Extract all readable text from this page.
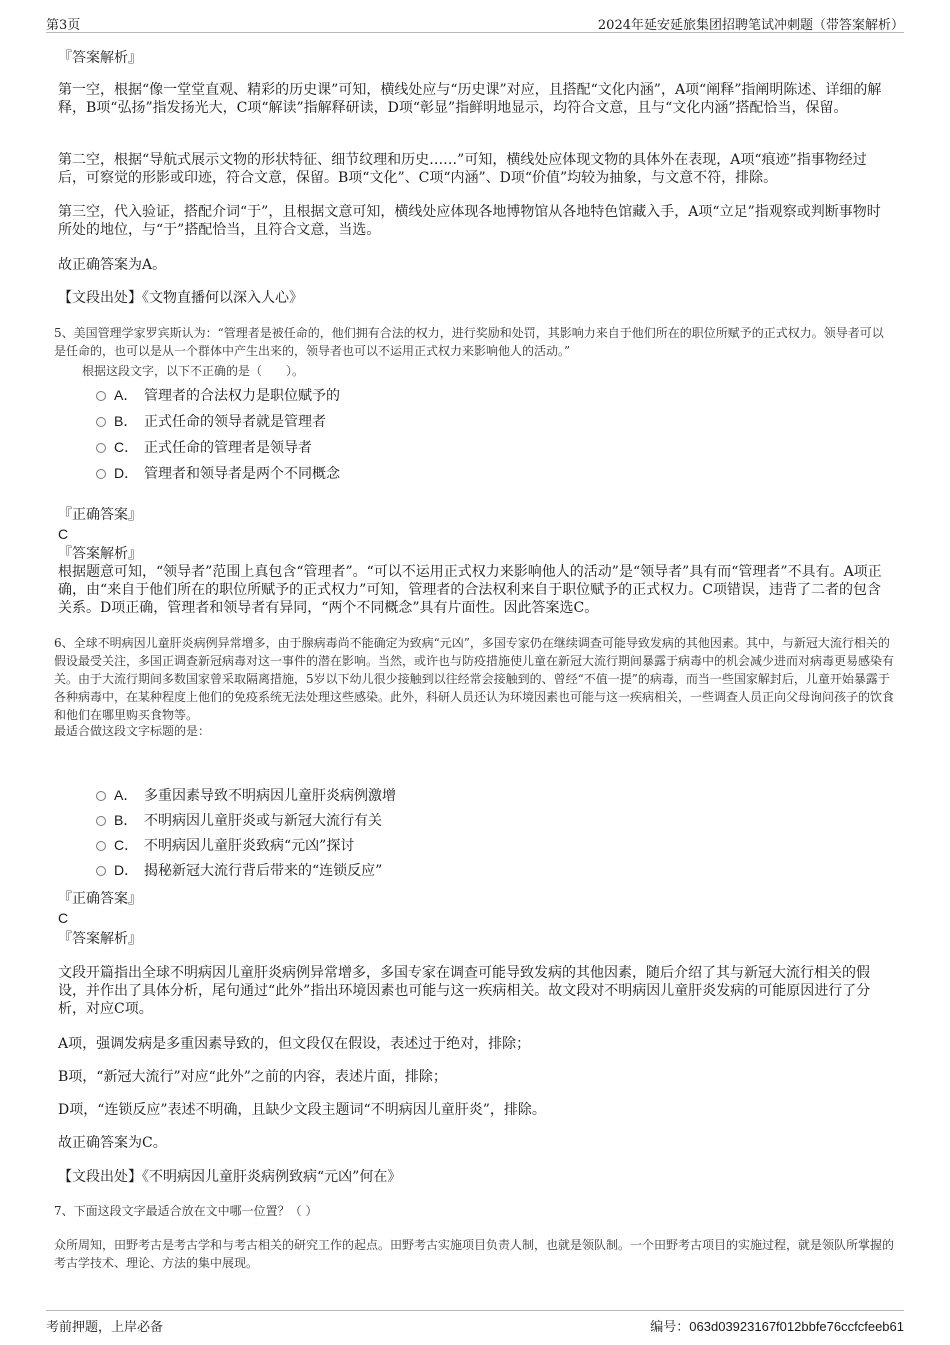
第3页	2024年延安延旅集团招聘笔试冲刺题（带答案解析）

『答案解析』

第一空，根据“像一堂堂直观、精彩的历史课”可知，横线处应与“历史课”对应，且搭配“文化内涵”，A项“阐释”指阐明陈述、详细的解释，B项“弘扬”指发扬光大，C项“解读”指解释研读，D项“彰显”指鲜明地显示，均符合文意，且与“文化内涵”搭配恰当，保留。

第二空，根据“导航式展示文物的形状特征、细节纹理和历史……”可知，横线处应体现文物的具体外在表现，A项“痕迹”指事物经过后，可察觉的形影或印迹，符合文意，保留。B项“文化”、C项“内涵”、D项“价值”均较为抽象，与文意不符，排除。

第三空，代入验证，搭配介词“于”，且根据文意可知，横线处应体现各地博物馆从各地特色馆藏入手，A项“立足”指观察或判断事物时所处的地位，与“于”搭配恰当，且符合文意，当选。

故正确答案为A。

【文段出处】《文物直播何以深入人心》

5、美国管理学家罗宾斯认为：“管理者是被任命的，他们拥有合法的权力，进行奖励和处罚，其影响力来自于他们所在的职位所赋予的正式权力。领导者可以是任命的，也可以是从一个群体中产生出来的，领导者也可以不运用正式权力来影响他人的活动。”

根据这段文字，以下不正确的是（　　）。

A． 管理者的合法权力是职位赋予的
B． 正式任命的领导者就是管理者
C． 正式任命的管理者是领导者
D． 管理者和领导者是两个不同概念

『正确答案』

C

『答案解析』

根据题意可知，“领导者”范围上真包含“管理者”。“可以不运用正式权力来影响他人的活动”是“领导者”具有而“管理者”不具有。A项正确，由“来自于他们所在的职位所赋予的正式权力”可知，管理者的合法权利来自于职位赋予的正式权力。C项错误，违背了二者的包含关系。D项正确，管理者和领导者有异同，“两个不同概念”具有片面性。因此答案选C。

6、全球不明病因儿童肝炎病例异常增多，由于腺病毒尚不能确定为致病“元凶”，多国专家仍在继续调查可能导致发病的其他因素。其中，与新冠大流行相关的假设最受关注，多国正调查新冠病毒对这一事件的潜在影响。当然，或许也与防疫措施使儿童在新冠大流行期间暴露于病毒中的机会减少进而对病毒更易感染有关。由于大流行期间多数国家曾采取隔离措施，5岁以下幼儿很少接触到以往经常会接触到的、曾经“不值一提”的病毒，而当一些国家解封后，儿童开始暴露于各种病毒中，在某种程度上他们的免疫系统无法处理这些感染。此外，科研人员还认为环境因素也可能与这一疾病相关，一些调查人员正向父母询问孩子的饮食和他们在哪里购买食物等。

最适合做这段文字标题的是：

A． 多重因素导致不明病因儿童肝炎病例激增
B． 不明病因儿童肝炎或与新冠大流行有关
C． 不明病因儿童肝炎致病“元凶”探讨
D． 揭秘新冠大流行背后带来的“连锁反应”

『正确答案』

C

『答案解析』

文段开篇指出全球不明病因儿童肝炎病例异常增多，多国专家在调查可能导致发病的其他因素，随后介绍了其与新冠大流行相关的假设，并作出了具体分析，尾句通过“此外”指出环境因素也可能与这一疾病相关。故文段对不明病因儿童肝炎发病的可能原因进行了分析，对应C项。

A项，强调发病是多重因素导致的，但文段仅在假设，表述过于绝对，排除；

B项，“新冠大流行”对应“此外”之前的内容，表述片面，排除；

D项，“连锁反应”表述不明确，且缺少文段主题词“不明病因儿童肝炎”，排除。

故正确答案为C。

【文段出处】《不明病因儿童肝炎病例致病“元凶”何在》

7、下面这段文字最适合放在文中哪一位置？（ ）

众所周知，田野考古是考古学和与考古相关的研究工作的起点。田野考古实施项目负责人制，也就是领队制。一个田野考古项目的实施过程，就是领队所掌握的考古学技术、理论、方法的集中展现。

考前押题，上岸必备	编号：063d03923167f012bbfe76ccfcfeeb61
